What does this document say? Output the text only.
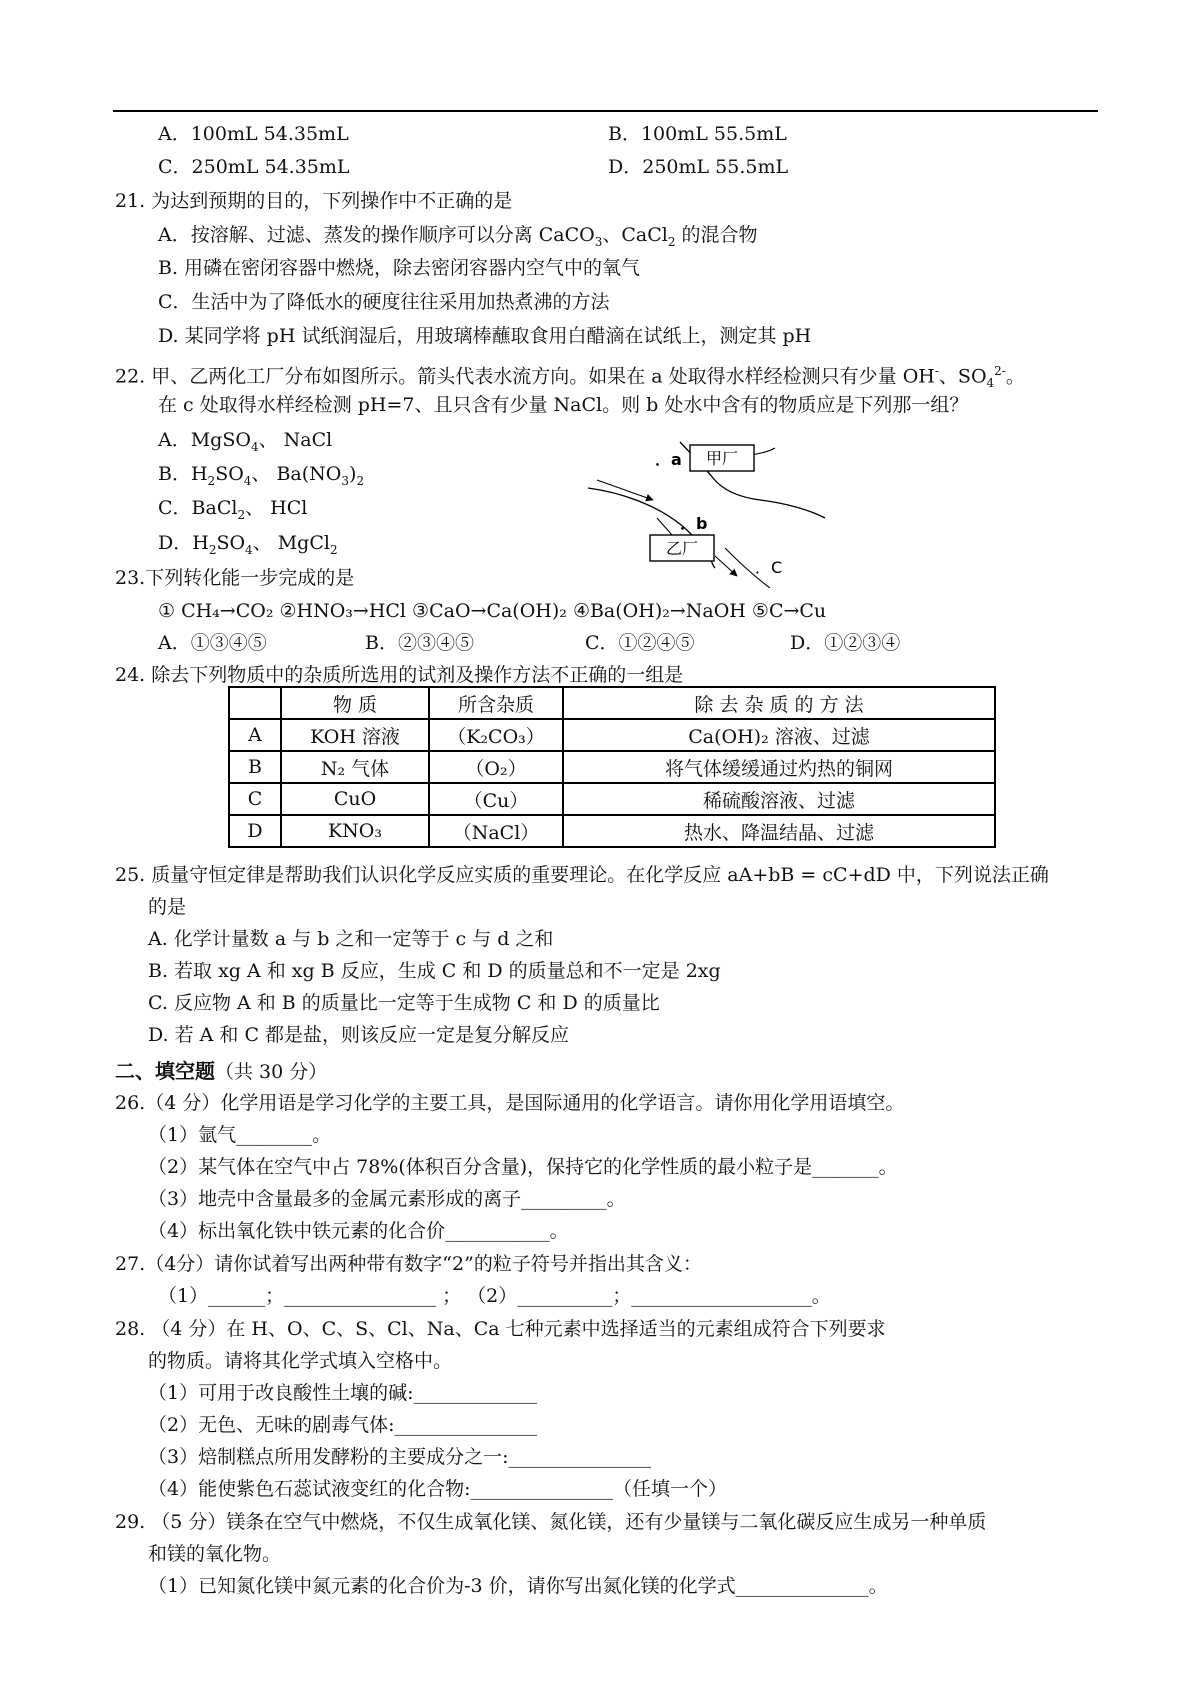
A．100mL 54.35mL	B．100mL 55.5mL
C．250mL 54.35mL	D．250mL 55.5mL
21. 为达到预期的目的，下列操作中不正确的是
A．按溶解、过滤、蒸发的操作顺序可以分离 CaCO$_3$、CaCl$_2$ 的混合物
B. 用磷在密闭容器中燃烧，除去密闭容器内空气中的氧气
C．生活中为了降低水的硬度往往采用加热煮沸的方法
D. 某同学将 pH 试纸润湿后，用玻璃棒蘸取食用白醋滴在试纸上，测定其 pH
22. 甲、乙两化工厂分布如图所示。箭头代表水流方向。如果在 a 处取得水样经检测只有少量 OH-、$SO_4^{2-}$。
在 c 处取得水样经检测 pH=7、且只含有少量 NaCl。则 b 处水中含有的物质应是下列那一组？
A．MgSO$_4$、 NaCl
B．$H_2SO_4$、 $Ba(NO_3)_2$
C．BaCl$_2$、 HCl
D．$H_2SO_4$、 MgCl$_2$
甲厂
乙厂
．a
．b
．C
23.下列转化能一步完成的是
① CH₄→CO₂ ②HNO₃→HCl ③CaO→Ca(OH)₂ ④Ba(OH)₂→NaOH ⑤C→Cu
A．①③④⑤	B．②③④⑤	C．①②④⑤	D．①②③④
24. 除去下列物质中的杂质所选用的试剂及操作方法不正确的一组是
	物 质	所含杂质	除 去 杂 质 的 方 法
A	KOH 溶液	（K₂CO₃）	Ca(OH)₂ 溶液、过滤
B	N₂ 气体	（O₂）	将气体缓缓通过灼热的铜网
C	CuO	（Cu）	稀硫酸溶液、过滤
D	KNO₃	（NaCl）	热水、降温结晶、过滤
25. 质量守恒定律是帮助我们认识化学反应实质的重要理论。在化学反应 aA+bB = cC+dD 中，下列说法正确
的是
A. 化学计量数 a 与 b 之和一定等于 c 与 d 之和
B. 若取 xg A 和 xg B 反应，生成 C 和 D 的质量总和不一定是 2xg
C. 反应物 A 和 B 的质量比一定等于生成物 C 和 D 的质量比
D. 若 A 和 C 都是盐，则该反应一定是复分解反应
二、填空题（共 30 分）
26.（4 分）化学用语是学习化学的主要工具，是国际通用的化学语言。请你用化学用语填空。
（1）氩气________。
（2）某气体在空气中占 78%(体积百分含量)，保持它的化学性质的最小粒子是_______。
（3）地壳中含量最多的金属元素形成的离子_________。
（4）标出氧化铁中铁元素的化合价___________。
27.（4分）请你试着写出两种带有数字“2”的粒子符号并指出其含义：
（1）______；________________ ； （2）__________；___________________。
28. （4 分）在 H、O、C、S、Cl、Na、Ca 七种元素中选择适当的元素组成符合下列要求
的物质。请将其化学式填入空格中。
（1）可用于改良酸性土壤的碱:_____________
（2）无色、无味的剧毒气体:_______________
（3）焙制糕点所用发酵粉的主要成分之一:_______________
（4）能使紫色石蕊试液变红的化合物:_______________（任填一个）
29. （5 分）镁条在空气中燃烧，不仅生成氧化镁、氮化镁，还有少量镁与二氧化碳反应生成另一种单质
和镁的氧化物。
（1）已知氮化镁中氮元素的化合价为-3 价，请你写出氮化镁的化学式______________。
